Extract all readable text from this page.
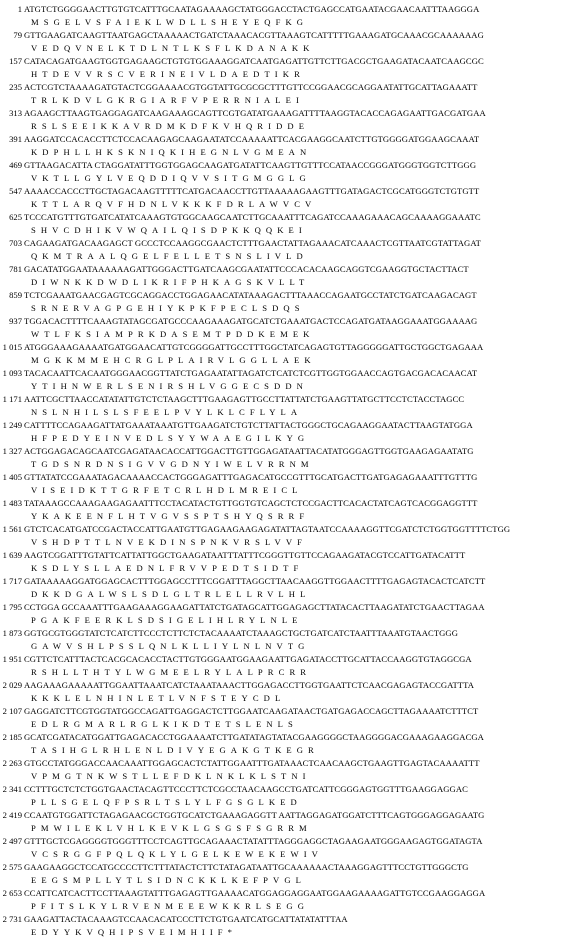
1 ATGTCTGGGGAACTTGTGTCATTTGCAATAGAAAAGCTATGGGACCTACTGAGCCATGAATACGAACAATTTAAGGGA
MSGELVSFAIEKLWDLLSHEYEQFKG
79 GTTGAAGATCAAGTTAATGAGCTAAAAACTGATCTAAACACGTTAAAGTCATTTTTGAAAGATGCAAACGCAAAAAAG
VEDQVNELKTDLNTLKSFLKDANAKK
157 CATACAGATGAAGTGGTGAGAAGCTGTGTGGAAAGGATCAATGAGATTGTTCTTGACGCTGAAGATACAATCAAGCGC
HTDEVVRSCVERINEIVLDAEDTIKR
235 ACTCGTCTAAAAGATGTACTCGGAAAACGTGGTATTGCGCGCTTTGTTCCGGAACGCAGGAATATTGCATTAGAAATT
TRLKDVLGKRGIARFVPERRNIALEI
313 AGAAGCTTAAGTGAGGAGATCAAGAAAGCAGTTCGTGATATGAAAGATTTTAAGGTACACCAGAGAATTGACGATGAA
RSLSEEIKKAVRDMKDFKVHQRIDDE
391 AAGGATCCACACCTTCTCCACAAGAGCAAGAATATCCAAAAATTCACGAAGGCAATCTTGTGGGGATGGAAGCAAAT
KDPHLLHKSKNIQKIHEGNLVGMEAN
469 GTTAAGACATTA CTAGGATATTTGGTGGAGCAAGATGATATTCAAGTTGTTTCCATAACCGGGATGGGTGGTCTTGGG
VKTLLGYLVEQDDIQVVSITGMGGLG
547 AAAACCACCCTTGCTAGACAAGTTTTTCATGACAACCTTGTTAAAAAGAAGTTTGATAGACTCGCATGGGTCTGTGTT
KTTLARQVFHDNLVKKKFDRLAWVCV
625 TCCCATGTTTGTGATCATATCAAAGTGTGGCAAGCAATCTTGCAAATTTCAGATCCAAAGAAACAGCAAAAGGAAATC
SHVCDHIKVWQAILQISDPKKQQKEI
703 CAGAAGATGACAAGAGCT GCCCTCCAAGGCGAACTCTTTGAACTATTAGAAACATCAAACTCGTTAATCGTATTAGAT
QKMTRAALQGELFELLETSNSLIVLD
781 GACATATGGAATAAAAAAGATTGGGACTTGATCAAGCGAATATTCCCACACAAGCAGGTCGAAGGTGCTACTTACT
DIWNKKDWDLIKRIFPHKAGSKVLLT
859 TCTCGAAATGAACGAGTCGCAGGACCTGGAGAACATATAAAGACTTTAAACCAGAATGCCTATCTGATCAAGACAGT
SRNERVAGPGEHIYKPKFPECLSDQS
937 TGGACACTTTTCAAAGTATAGCGATGCCCAAGAAAGATGCATCTGAAATGACTCCAGATGATAAGGAAATGGAAAAG
WTLFKSIAMPRKDASEMTPDDKEMEK
1 015 ATGGGAAAGAAAATGATGGAACATTGTCGGGGATTGCCTTTGGCTATCAGAGTGTTAGGGGGATTGCTGGCTGAGAAA
MGKKMMEHCRGLPLAIRVLGGLLAEK
1 093 TACACAATTCACAATGGGAACGGTTATCTGAGAATATTAGATCTCATCTCGTTGGTGGAACCAGTGACGACACAACAT
YTIHNWERLSENIRSHLVGGECSDDN
1 171 AATTCGCTTAACCATATATTGTCTCTAAGCTTTGAAGAGTTGCCTTATTATCTGAAGTTATGCTTCCTCTACCTAGCC
NSLNHILSLSFEELPVYLKLCFLYLA
1 249 CATTTTCCAGAAGATTATGAAATAAATGTTGAAGATCTGTCTTATTACTGGGCTGCAGAAGGAATACTTAAGTATGGA
HFPEDYEINVEDLSYYWAAEGILKYG
1 327 ACTGGAGACAGCAATCGAGATAACACCATTGGACTTGTTGGAGATAATTACATATGGGAGTTGGTGAAGAGAATATG
TGDSNRDNSIGVVGDNYIWELVRRNM
1 405 GTTATATCCGAAATAGACAAAACCACTGGGAGATTTGAGACATGCCGTTTGCATGACTTGATGAGAGAAATTTGTTTG
VISEIDKTTGRFETCRLHDLMREICL
1 483 TATAAAGCCAAAGAAGAGAATTTCCTACATACTGTTGGTGTCAGCTCTCCGACTTCACACTATCAGTCACGGAGGTTT
YKAKEENFLHTVGVSSPTSHYQSRRF
1 561 GTCTCACATGATCCGACTACCATTGAATGTTGAGAAGAAGAGATATTAGTAATCCAAAAGGTTCGATCTCTGGTGGTTTTCTGG
VSHDPTTLNVEKDINSPNKVRSLVVF
1 639 AAGTCGGATTTGTATTCATTATTGGCTGAAGATAATTTATTTCGGGTTGTTCCAGAAGATACGTCCATTGATACATTT
KSDLYSLLAEDNLFRVVPEDTSIDTF
1 717 GATAAAAAGGATGGAGCACTTTGGAGCCTTTCGGATTTAGGCTTAACAAGGTTGGAACTTTTGAGAGTACACTCATCTT
DKKDGALWSLSDLGLTRLELLRVLHL
1 795 CCTGGA GCCAAATTTGAAGAAAGGAAGATTATCTGATAGCATTGGAGAGCTTATACACTTAAGATATCTGAACTTAGAA
PGAKFEERKLSDSIGELIHLRYLNLE
1 873 GGTGCGTGGGTATCTCATCTTCCCTCTTCTCTACAAAATCTAAAGCTGCTGATCATCTAATTTAAATGTAACTGGG
GAWVSHLPSSLQNLKLLIYLNLNVTG
1 951 CGTTCTCATTTACTCACGCACACCTACTTGTGGGAATGGAAGAATTGAGATACCTTGCATTACCAAGGTGTAGGCGA
RSHLLTHTYLWGMEELRYLALPRCRR
2 029 AAGAAAGAAAAATTGGAATTAAATCATCTAAATAAACTTGGAGACCTTGGTGAATTCTCAACGAGAGTACCGATTTA
KKKLELNHINLETLVNFSTEYCDL
2 107 GAGGATCTTCGTGGTATGGCCAGATTGAGGACTCTTGGAATCAAGATAACTGATGAGACCAGCTTAGAAAATCTTTCT
EDLRGMARLRGLKIKDTETSLENLS
2 185 GCATCGATACATGGATTGAGACACCTGGAAAATCTTGATATAGTATACGAAGGGGCTAAGGGGACGAAAGAAGGACGA
TASIHGLRHLENLDIVYEGAKGTKEGR
2 263 GTGCCTATGGGACCAACAAATTGGAGCACTCTATTGGAATTTGATAAACTCAACAAGCTGAAGTTGAGTACAAAATTT
VPMGTNKWSTLLEFDKLNKLKLSTNI
2 341 CCTTTGCTCTCTGGTGAACTACAGTTCCCTTCTCGCCTAACAAGCCTGATCATTCGGGAGTGGTTTGAAGGAGGAC
PLLSGELQFPSRLTSLYLFGSGLKED
2 419 CCAATGTGGATTCTAGAGAACGCTGGTGCATCTGAAAGAGGTT AATTAGGAGATGGATCTTTCAGTGGGAGGAGAATG
PMWILEKLVHLKEVKLGSGSFSGRRM
2 497 GTTTGCTCGAGGGGTGGGTTTCCTCAGTTGCAGAAACTATATTTAGGGAGGCTAGAAGAATGGGAAGAGTGGATAGTA
VCSRGGFPQLQKLYLGELKEWEKEWIV
2 575 GAAGAAGGCTCCATGCCCCTTCTTTATACTCTTCTATAGATAATTGCAAAAAACTAAAGGAGTTTCCTGTTGGGCTG
EEGSMPLLYTLSIDNCKKLKEFPVGL
2 653 CCATTCATCACTTCCTTAAAGTATTTGAGAGTTGAAAACATGGAGGAGGAATGGAAGAAAAGATTGTCCGAAGGAGGA
PFITSLKYLRVENMEEEWKKRLSEGG
2 731 GAAGATTACTACAAAGTCCAACACATCCCTTCTGTGAATCATGCATTATATATTTAA
EDYYKVQHIPSVEIMHIIF*
